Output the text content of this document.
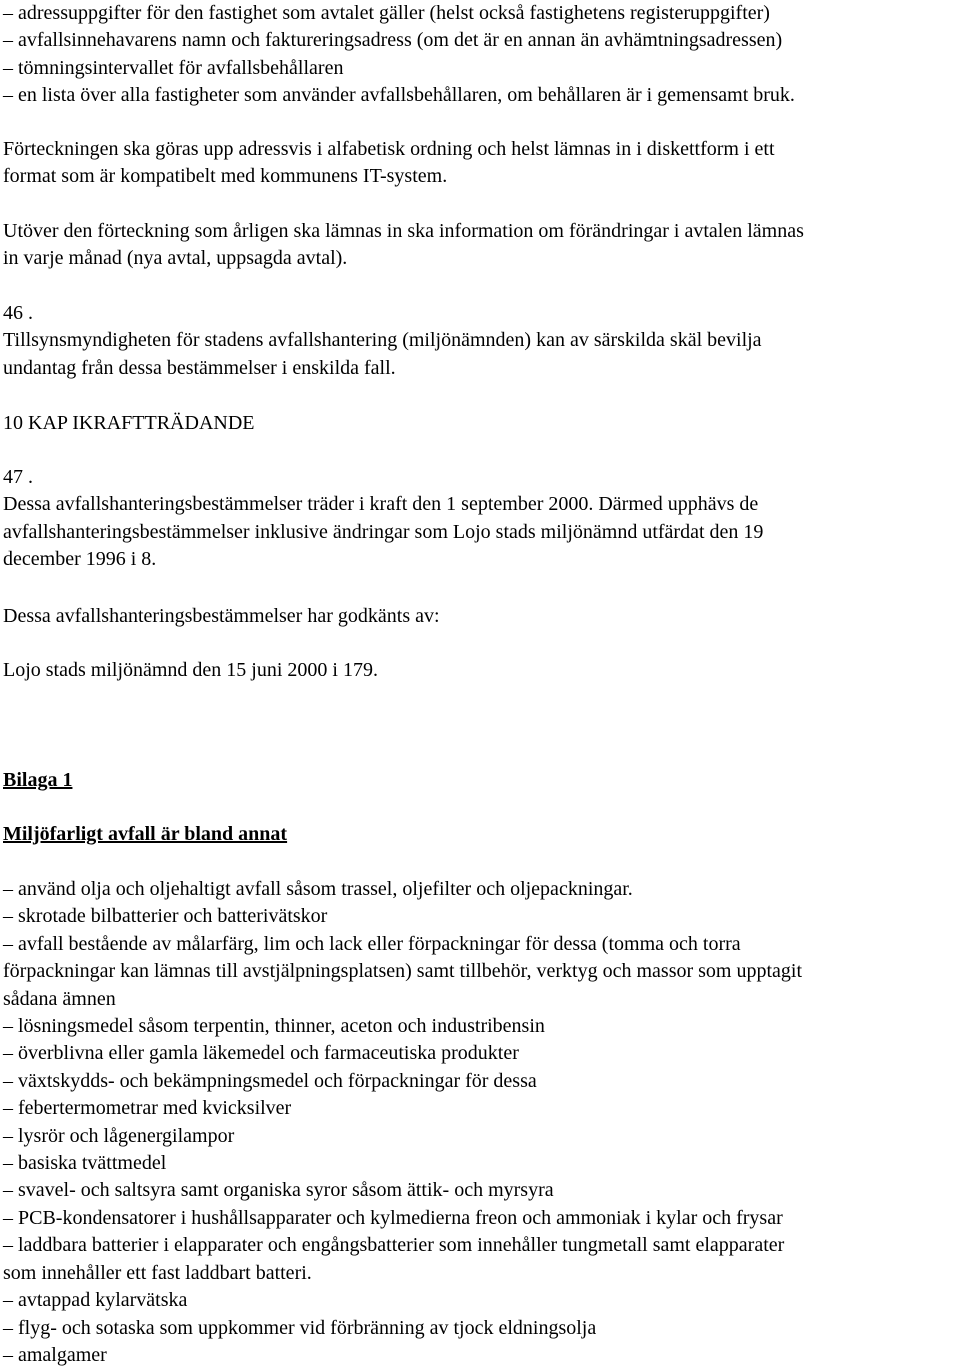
– adressuppgifter för den fastighet som avtalet gäller (helst också fastighetens registeruppgifter)
– avfallsinnehavarens namn och faktureringsadress (om det är en annan än avhämtningsadressen)
– tömningsintervallet för avfallsbehållaren
– en lista över alla fastigheter som använder avfallsbehållaren, om behållaren är i gemensamt bruk.
Förteckningen ska göras upp adressvis i alfabetisk ordning och helst lämnas in i diskettform i ett
format som är kompatibelt med kommunens IT-system.
Utöver den förteckning som årligen ska lämnas in ska information om förändringar i avtalen lämnas
in varje månad (nya avtal, uppsagda avtal).
46 .
Tillsynsmyndigheten för stadens avfallshantering (miljönämnden) kan av särskilda skäl bevilja
undantag från dessa bestämmelser i enskilda fall.
10 KAP IKRAFTTRÄDANDE
47 .
Dessa avfallshanteringsbestämmelser träder i kraft den 1 september 2000. Därmed upphävs de
avfallshanteringsbestämmelser inklusive ändringar som Lojo stads miljönämnd utfärdat den 19
december 1996 i 8.
Dessa avfallshanteringsbestämmelser har godkänts av:
Lojo stads miljönämnd den 15 juni 2000 i 179.
Bilaga 1
Miljöfarligt avfall är bland annat
– använd olja och oljehaltigt avfall såsom trassel, oljefilter och oljepackningar.
– skrotade bilbatterier och batterivätskor
– avfall bestående av målarfärg, lim och lack eller förpackningar för dessa (tomma och torra
förpackningar kan lämnas till avstjälpningsplatsen) samt tillbehör, verktyg och massor som upptagit
sådana ämnen
– lösningsmedel såsom terpentin, thinner, aceton och industribensin
– överblivna eller gamla läkemedel och farmaceutiska produkter
– växtskydds- och bekämpningsmedel och förpackningar för dessa
– febertermometrar med kvicksilver
– lysrör och lågenergilampor
– basiska tvättmedel
– svavel- och saltsyra samt organiska syror såsom ättik- och myrsyra
– PCB-kondensatorer i hushållsapparater och kylmedierna freon och ammoniak i kylar och frysar
– laddbara batterier i elapparater och engångsbatterier som innehåller tungmetall samt elapparater
som innehåller ett fast laddbart batteri.
– avtappad kylarvätska
– flyg- och sotaska som uppkommer vid förbränning av tjock eldningsolja
– amalgamer
